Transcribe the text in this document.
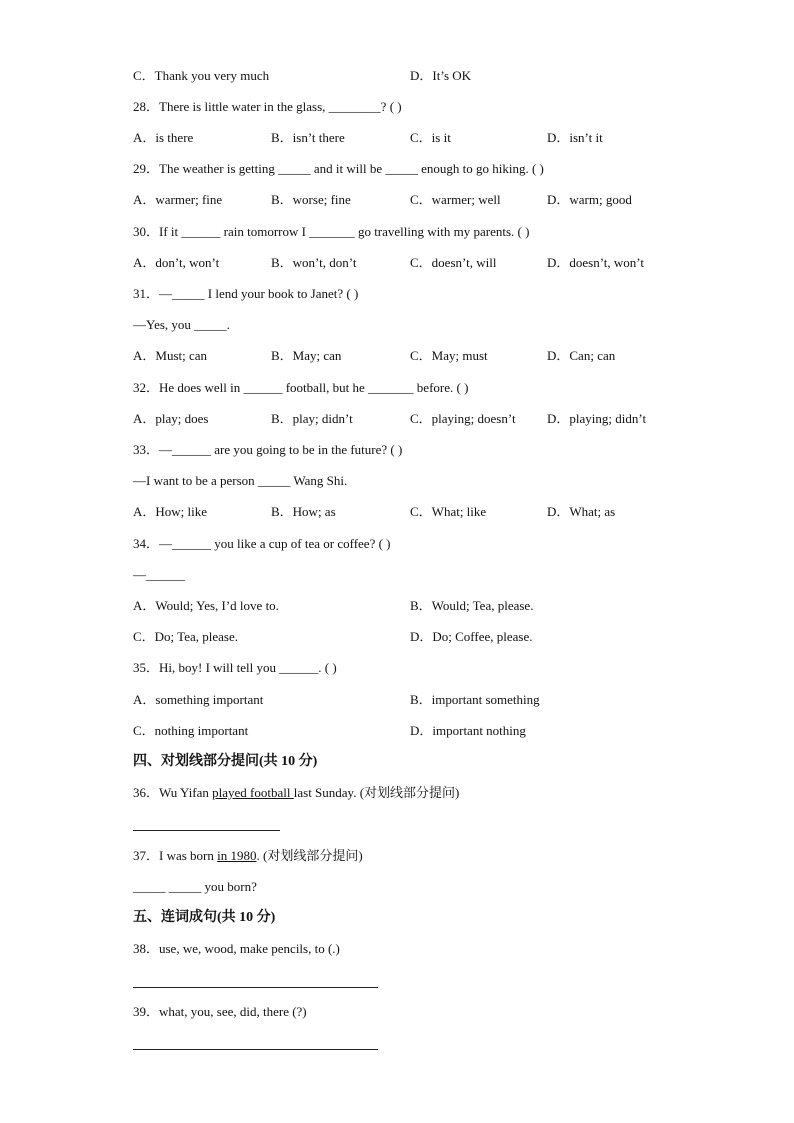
C．Thank you very much	D．It’s OK
28．There is little water in the glass, ________? ( )
A．is there	B．isn’t there	C．is it	D．isn’t it
29．The weather is getting _____ and it will be _____ enough to go hiking. ( )
A．warmer; fine	B．worse; fine	C．warmer; well	D．warm; good
30．If it ______ rain tomorrow I _______ go travelling with my parents. ( )
A．don’t, won’t	B．won’t, don’t	C．doesn’t, will	D．doesn’t, won’t
31．—_____ I lend your book to Janet? ( )
—Yes, you _____.
A．Must; can	B．May; can	C．May; must	D．Can; can
32．He does well in ______ football, but he _______ before. ( )
A．play; does	B．play; didn’t	C．playing; doesn’t D．playing; didn’t
33．—______ are you going to be in the future? ( )
—I want to be a person _____ Wang Shi.
A．How; like	B．How; as	C．What; like	D．What; as
34．—______ you like a cup of tea or coffee? ( )
—______
A．Would; Yes, I’d love to.	B．Would; Tea, please.
C．Do; Tea, please.	D．Do; Coffee, please.
35．Hi, boy! I will tell you ______. ( )
A．something important	B．important something
C．nothing important	D．important nothing
四、对划线部分提问(共 10 分)
36．Wu Yifan played football last Sunday. (对划线部分提问)
37．I was born in 1980. (对划线部分提问)
_____ _____ you born?
五、连词成句(共 10 分)
38．use, we, wood, make pencils, to (.)
39．what, you, see, did, there (?)
